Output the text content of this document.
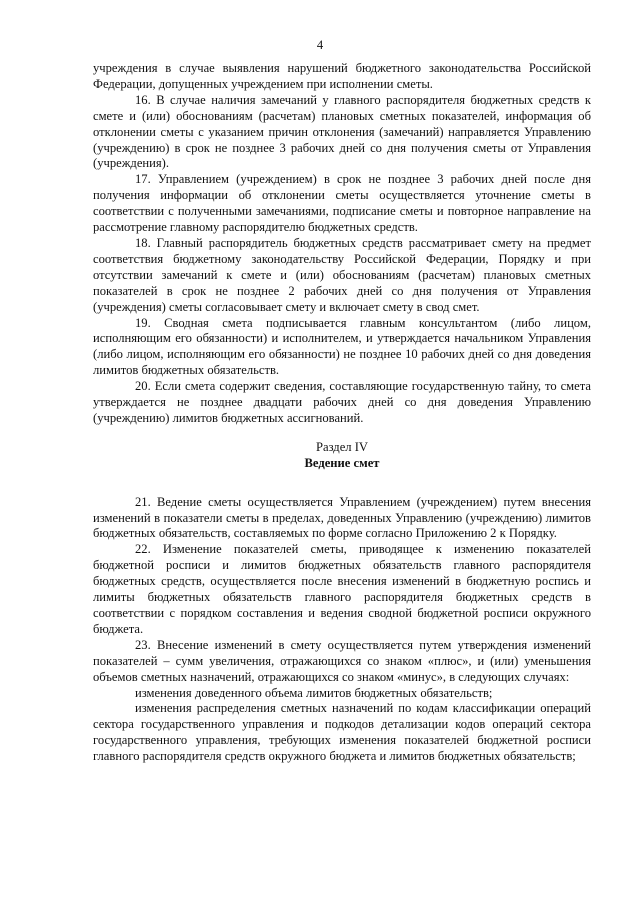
4

учреждения в случае выявления нарушений бюджетного законодательства Российской Федерации, допущенных учреждением при исполнении сметы.

16. В случае наличия замечаний у главного распорядителя бюджетных средств к смете и (или) обоснованиям (расчетам) плановых сметных показателей, информация об отклонении сметы с указанием причин отклонения (замечаний) направляется Управлению (учреждению) в срок не позднее 3 рабочих дней со дня получения сметы от Управления (учреждения).

17. Управлением (учреждением) в срок не позднее 3 рабочих дней после дня получения информации об отклонении сметы осуществляется уточнение сметы в соответствии с полученными замечаниями, подписание сметы и повторное направление на рассмотрение главному распорядителю бюджетных средств.

18. Главный распорядитель бюджетных средств рассматривает смету на предмет соответствия бюджетному законодательству Российской Федерации, Порядку и при отсутствии замечаний к смете и (или) обоснованиям (расчетам) плановых сметных показателей в срок не позднее 2 рабочих дней со дня получения от Управления (учреждения) сметы согласовывает смету и включает смету в свод смет.

19. Сводная смета подписывается главным консультантом (либо лицом, исполняющим его обязанности) и исполнителем, и утверждается начальником Управления (либо лицом, исполняющим его обязанности) не позднее 10 рабочих дней со дня доведения лимитов бюджетных обязательств.

20. Если смета содержит сведения, составляющие государственную тайну, то смета утверждается не позднее двадцати рабочих дней со дня доведения Управлению (учреждению) лимитов бюджетных ассигнований.

Раздел IV
Ведение смет

21. Ведение сметы осуществляется Управлением (учреждением) путем внесения изменений в показатели сметы в пределах, доведенных Управлению (учреждению) лимитов бюджетных обязательств, составляемых по форме согласно Приложению 2 к Порядку.

22. Изменение показателей сметы, приводящее к изменению показателей бюджетной росписи и лимитов бюджетных обязательств главного распорядителя бюджетных средств, осуществляется после внесения изменений в бюджетную роспись и лимиты бюджетных обязательств главного распорядителя бюджетных средств в соответствии с порядком составления и ведения сводной бюджетной росписи окружного бюджета.

23. Внесение изменений в смету осуществляется путем утверждения изменений показателей – сумм увеличения, отражающихся со знаком «плюс», и (или) уменьшения объемов сметных назначений, отражающихся со знаком «минус», в следующих случаях:

изменения доведенного объема лимитов бюджетных обязательств;

изменения распределения сметных назначений по кодам классификации операций сектора государственного управления и подкодов детализации кодов операций сектора государственного управления, требующих изменения показателей бюджетной росписи главного распорядителя средств окружного бюджета и лимитов бюджетных обязательств;
